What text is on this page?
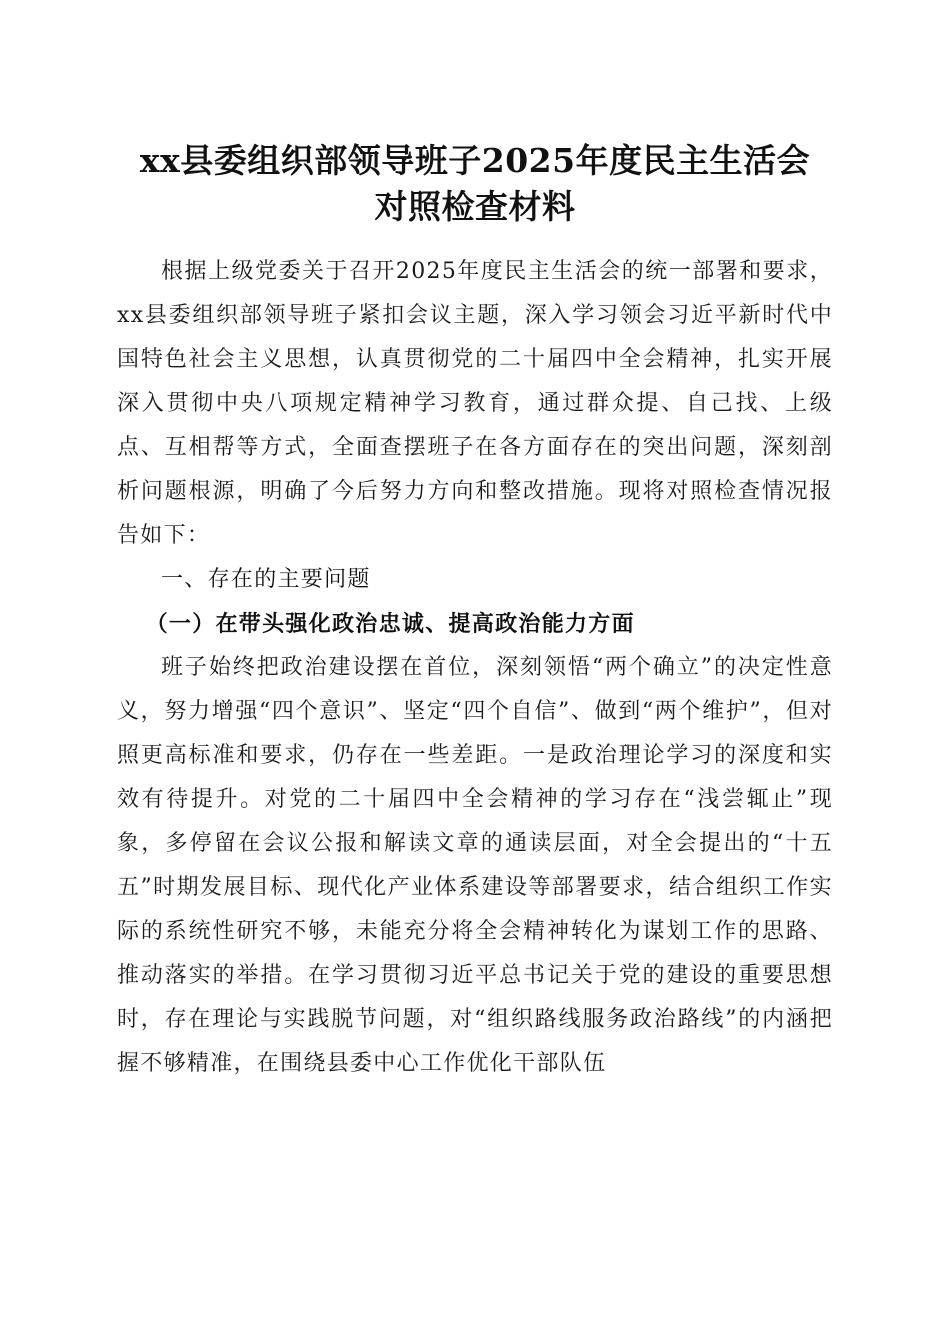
xx县委组织部领导班子2025年度民主生活会
对照检查材料

根据上级党委关于召开2025年度民主生活会的统一部署和要求，xx县委组织部领导班子紧扣会议主题，深入学习领会习近平新时代中国特色社会主义思想，认真贯彻党的二十届四中全会精神，扎实开展深入贯彻中央八项规定精神学习教育，通过群众提、自己找、上级点、互相帮等方式，全面查摆班子在各方面存在的突出问题，深刻剖析问题根源，明确了今后努力方向和整改措施。现将对照检查情况报告如下：

一、存在的主要问题

（一）在带头强化政治忠诚、提高政治能力方面

班子始终把政治建设摆在首位，深刻领悟“两个确立”的决定性意义，努力增强“四个意识”、坚定“四个自信”、做到“两个维护”，但对照更高标准和要求，仍存在一些差距。一是政治理论学习的深度和实效有待提升。对党的二十届四中全会精神的学习存在“浅尝辄止”现象，多停留在会议公报和解读文章的通读层面，对全会提出的“十五五”时期发展目标、现代化产业体系建设等部署要求，结合组织工作实际的系统性研究不够，未能充分将全会精神转化为谋划工作的思路、推动落实的举措。在学习贯彻习近平总书记关于党的建设的重要思想时，存在理论与实践脱节问题，对“组织路线服务政治路线”的内涵把握不够精准，在围绕县委中心工作优化干部队伍
